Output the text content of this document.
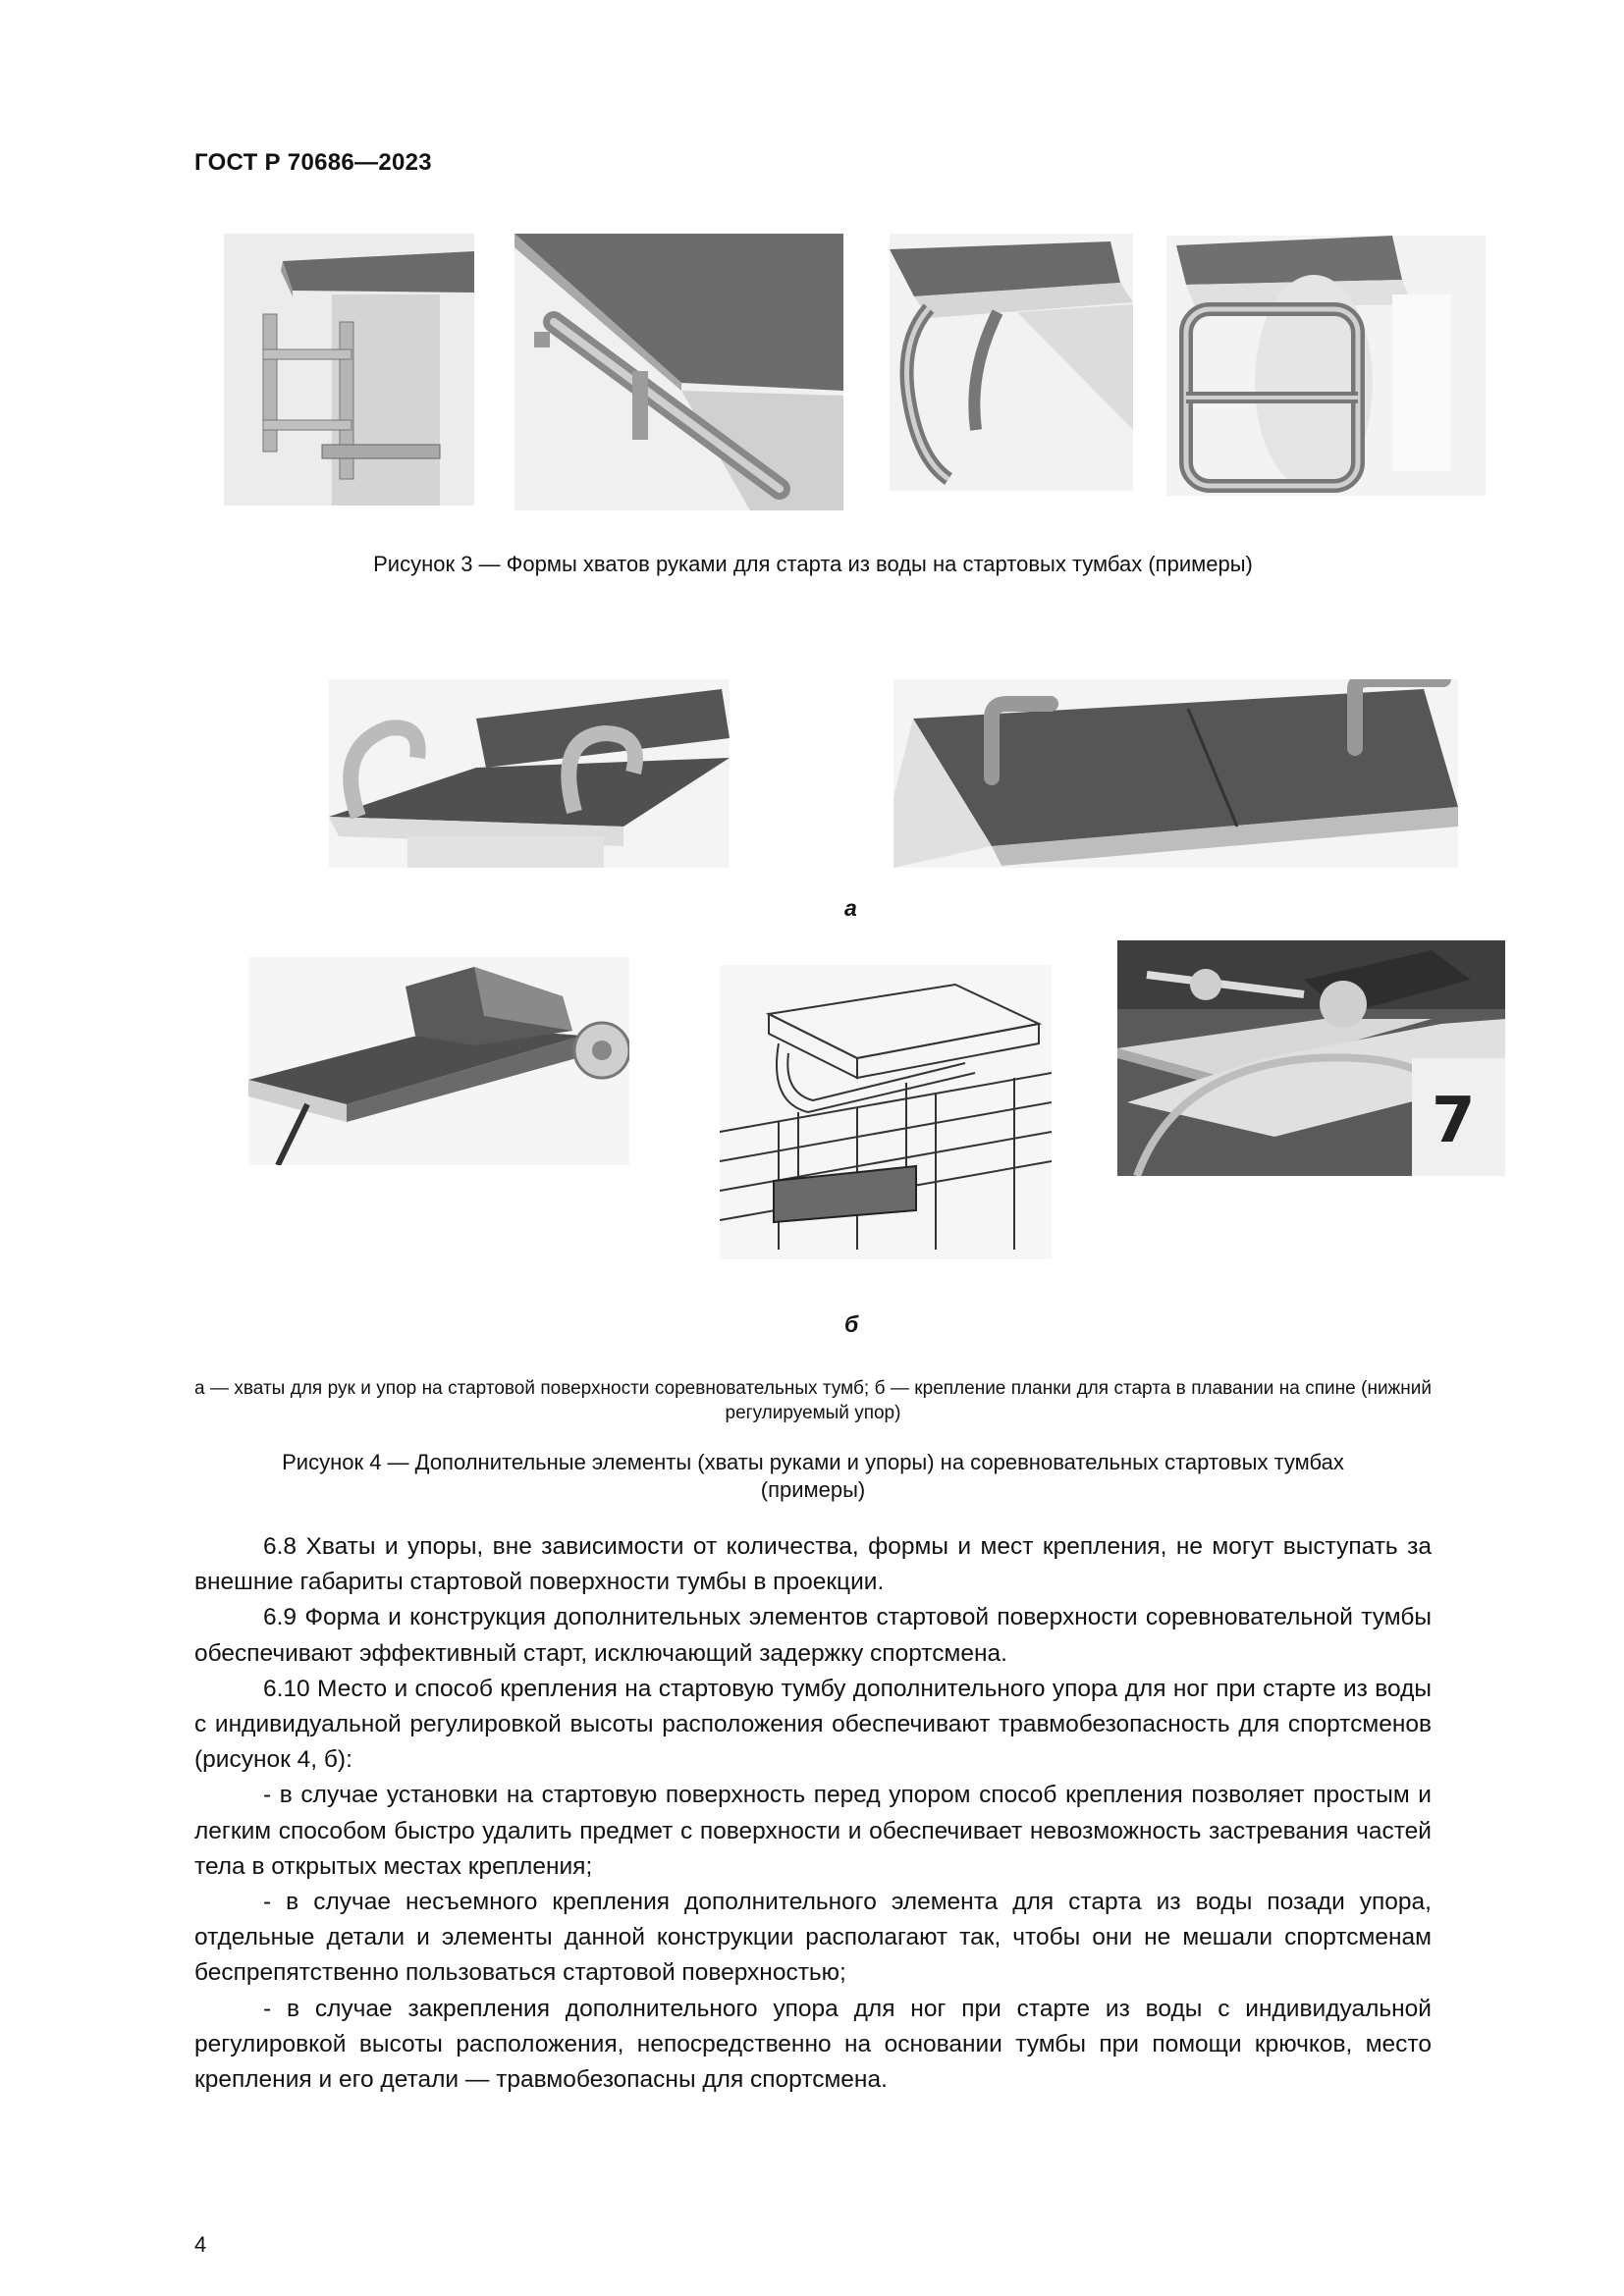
ГОСТ Р 70686—2023
Рисунок 3 — Формы хватов руками для старта из воды на стартовых тумбах (примеры)
а
7
б
а — хваты для рук и упор на стартовой поверхности соревновательных тумб; б — крепление планки для старта в плавании на спине (нижний регулируемый упор)
Рисунок 4 — Дополнительные элементы (хваты руками и упоры) на соревновательных стартовых тумбах
(примеры)

6.8 Хваты и упоры, вне зависимости от количества, формы и мест крепления, не могут выступать за внешние габариты стартовой поверхности тумбы в проекции.

6.9 Форма и конструкция дополнительных элементов стартовой поверхности соревновательной тумбы обеспечивают эффективный старт, исключающий задержку спортсмена.

6.10 Место и способ крепления на стартовую тумбу дополнительного упора для ног при старте из воды с индивидуальной регулировкой высоты расположения обеспечивают травмобезопасность для спортсменов (рисунок 4, б):

- в случае установки на стартовую поверхность перед упором способ крепления позволяет простым и легким способом быстро удалить предмет с поверхности и обеспечивает невозможность застревания частей тела в открытых местах крепления;

- в случае несъемного крепления дополнительного элемента для старта из воды позади упора, отдельные детали и элементы данной конструкции располагают так, чтобы они не мешали спортсменам беспрепятственно пользоваться стартовой поверхностью;

- в случае закрепления дополнительного упора для ног при старте из воды с индивидуальной регулировкой высоты расположения, непосредственно на основании тумбы при помощи крючков, место крепления и его детали — травмобезопасны для спортсмена.

4
